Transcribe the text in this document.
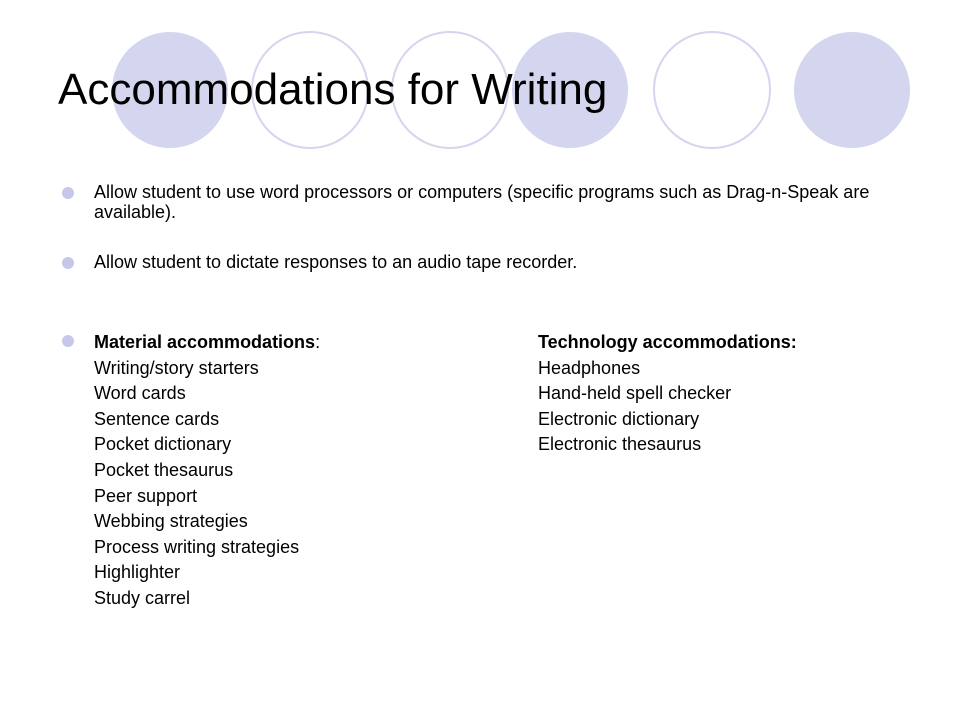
Accommodations for Writing
Allow student to use word processors or computers (specific programs such as Drag-n-Speak are available).
Allow student to dictate responses to an audio tape recorder.
Material accommodations:
Writing/story starters
Word cards
Sentence cards
Pocket dictionary
Pocket thesaurus
Peer support
Webbing strategies
Process writing strategies
Highlighter
Study carrel
Technology accommodations:
Headphones
Hand-held spell checker
Electronic dictionary
Electronic thesaurus
